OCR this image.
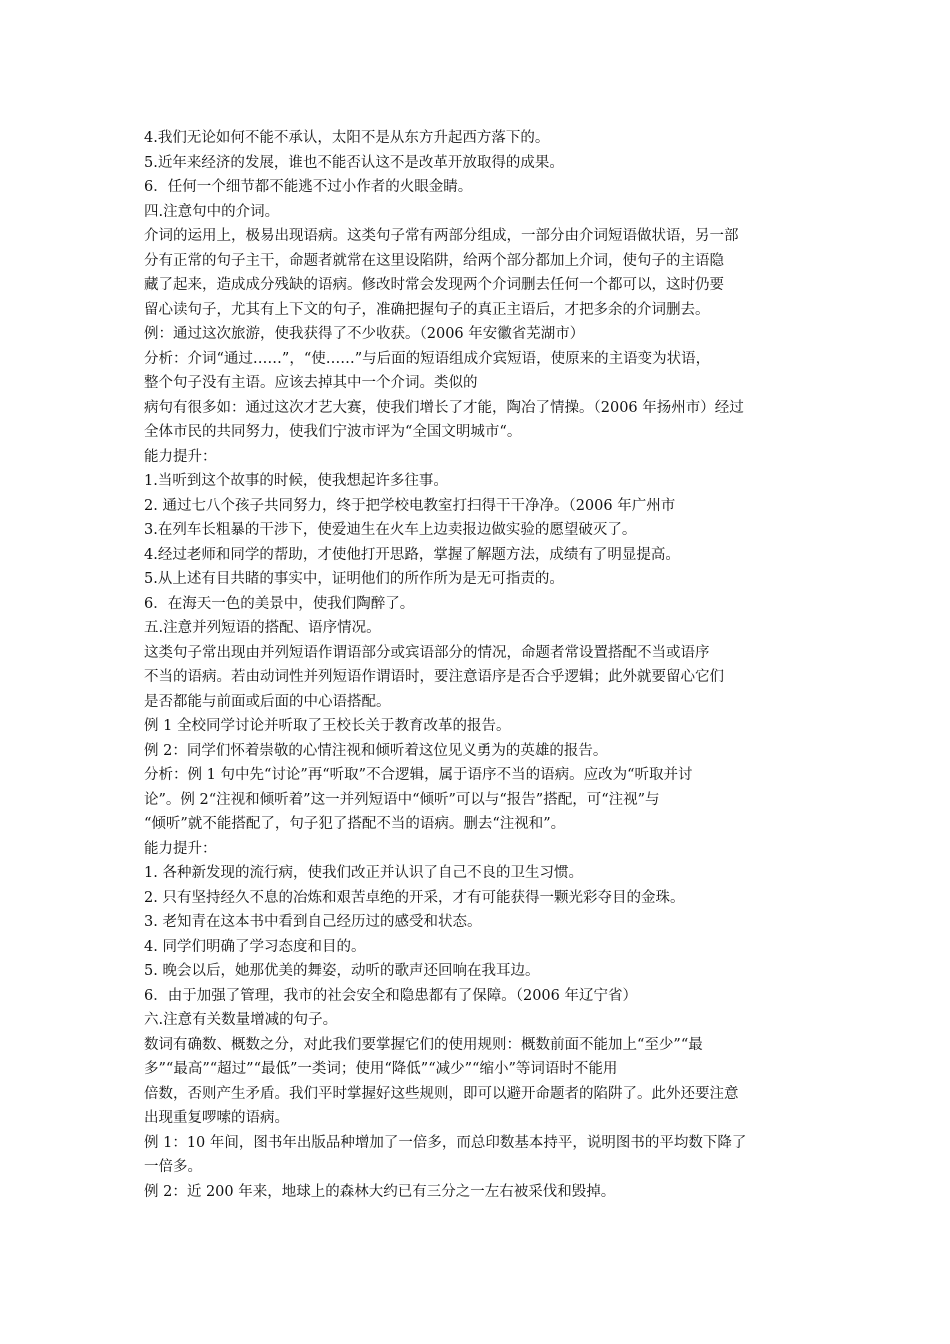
4.我们无论如何不能不承认，太阳不是从东方升起西方落下的。
5.近年来经济的发展，谁也不能否认这不是改革开放取得的成果。
6．任何一个细节都不能逃不过小作者的火眼金睛。
四.注意句中的介词。
介词的运用上，极易出现语病。这类句子常有两部分组成，一部分由介词短语做状语，另一部
分有正常的句子主干，命题者就常在这里设陷阱，给两个部分都加上介词，使句子的主语隐
藏了起来，造成成分残缺的语病。修改时常会发现两个介词删去任何一个都可以，这时仍要
留心读句子，尤其有上下文的句子，准确把握句子的真正主语后，才把多余的介词删去。
例：通过这次旅游，使我获得了不少收获。（2006 年安徽省芜湖市）
分析：介词“通过……”，“使……”与后面的短语组成介宾短语，使原来的主语变为状语，
整个句子没有主语。应该去掉其中一个介词。类似的
病句有很多如：通过这次才艺大赛，使我们增长了才能，陶冶了情操。（2006 年扬州市）经过
全体市民的共同努力，使我们宁波市评为“全国文明城市“。
能力提升：
1.当听到这个故事的时候，使我想起许多往事。
2. 通过七八个孩子共同努力，终于把学校电教室打扫得干干净净。（2006 年广州市
3.在列车长粗暴的干涉下，使爱迪生在火车上边卖报边做实验的愿望破灭了。
4.经过老师和同学的帮助，才使他打开思路，掌握了解题方法，成绩有了明显提高。
5.从上述有目共睹的事实中，证明他们的所作所为是无可指责的。
6．在海天一色的美景中，使我们陶醉了。
五.注意并列短语的搭配、语序情况。
这类句子常出现由并列短语作谓语部分或宾语部分的情况，命题者常设置搭配不当或语序
不当的语病。若由动词性并列短语作谓语时，要注意语序是否合乎逻辑；此外就要留心它们
是否都能与前面或后面的中心语搭配。
例 1 全校同学讨论并听取了王校长关于教育改革的报告。
例 2：同学们怀着崇敬的心情注视和倾听着这位见义勇为的英雄的报告。
分析：例 1 句中先“讨论”再“听取”不合逻辑，属于语序不当的语病。应改为“听取并讨
论”。例 2“注视和倾听着”这一并列短语中“倾听”可以与“报告”搭配，可“注视”与
“倾听”就不能搭配了，句子犯了搭配不当的语病。删去“注视和”。
能力提升：
1. 各种新发现的流行病，使我们改正并认识了自己不良的卫生习惯。
2. 只有坚持经久不息的冶炼和艰苦卓绝的开采，才有可能获得一颗光彩夺目的金珠。
3. 老知青在这本书中看到自己经历过的感受和状态。
4. 同学们明确了学习态度和目的。
5. 晚会以后，她那优美的舞姿，动听的歌声还回响在我耳边。
6．由于加强了管理，我市的社会安全和隐患都有了保障。（2006 年辽宁省）
六.注意有关数量增减的句子。
数词有确数、概数之分，对此我们要掌握它们的使用规则：概数前面不能加上“至少”“最
多”“最高”“超过”“最低”一类词；使用“降低”“减少”“缩小”等词语时不能用
倍数，否则产生矛盾。我们平时掌握好这些规则，即可以避开命题者的陷阱了。此外还要注意
出现重复啰嗦的语病。
例 1：10 年间，图书年出版品种增加了一倍多，而总印数基本持平，说明图书的平均数下降了
一倍多。
例 2：近 200 年来，地球上的森林大约已有三分之一左右被采伐和毁掉。
